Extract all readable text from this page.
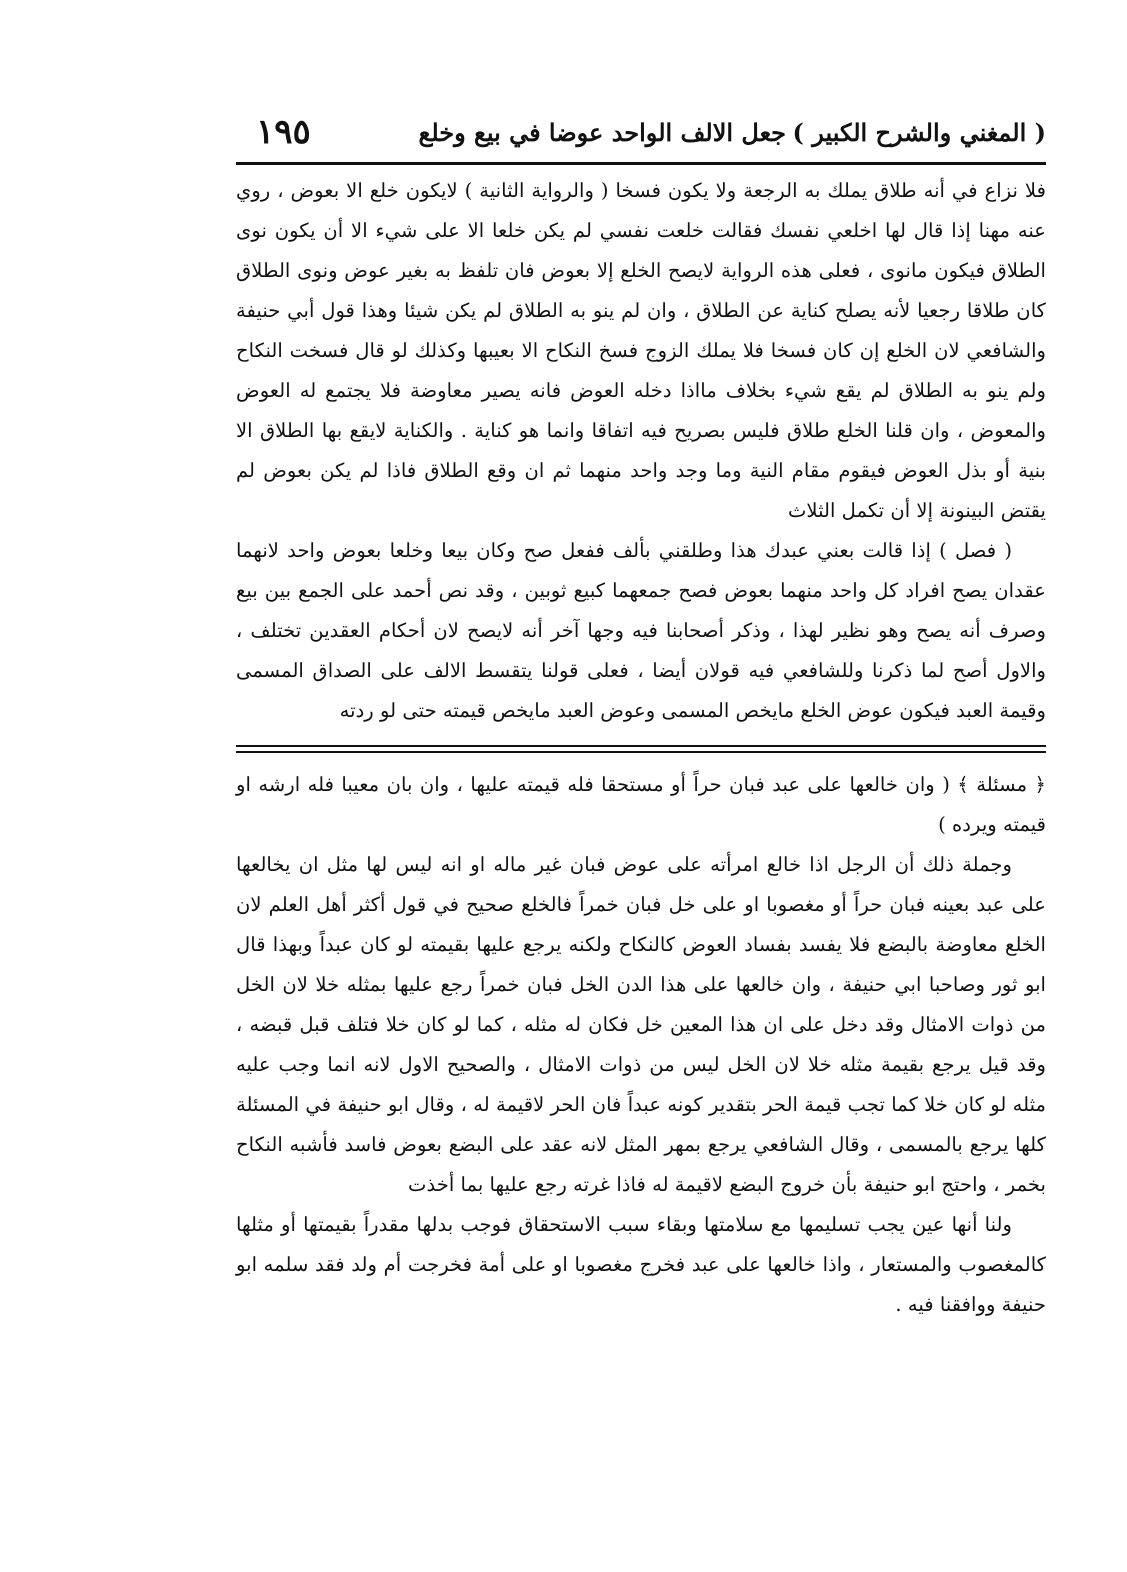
( المغني والشرح الكبير )
جعل الالف الواحد عوضا في بيع وخلع
١٩٥

فلا نزاع في أنه طلاق يملك به الرجعة ولا يكون فسخا ( والرواية الثانية ) لايكون خلع الا بعوض ، روي عنه مهنا إذا قال لها اخلعي نفسك فقالت خلعت نفسي لم يكن خلعا الا على شيء الا أن يكون نوى الطلاق فيكون مانوى ، فعلى هذه الرواية لايصح الخلع إلا بعوض فان تلفظ به بغير عوض ونوى الطلاق كان طلاقا رجعيا لأنه يصلح كناية عن الطلاق ، وان لم ينو به الطلاق لم يكن شيئا وهذا قول أبي حنيفة والشافعي لان الخلع إن كان فسخا فلا يملك الزوج فسخ النكاح الا بعيبها وكذلك لو قال فسخت النكاح ولم ينو به الطلاق لم يقع شيء بخلاف مااذا دخله العوض فانه يصير معاوضة فلا يجتمع له العوض والمعوض ، وان قلنا الخلع طلاق فليس بصريح فيه اتفاقا وانما هو كناية . والكناية لايقع بها الطلاق الا بنية أو بذل العوض فيقوم مقام النية وما وجد واحد منهما ثم ان وقع الطلاق فاذا لم يكن بعوض لم يقتض البينونة إلا أن تكمل الثلاث

( فصل ) إذا قالت بعني عبدك هذا وطلقني بألف ففعل صح وكان بيعا وخلعا بعوض واحد لانهما عقدان يصح افراد كل واحد منهما بعوض فصح جمعهما كبيع ثوبين ، وقد نص أحمد على الجمع بين بيع وصرف أنه يصح وهو نظير لهذا ، وذكر أصحابنا فيه وجها آخر أنه لايصح لان أحكام العقدين تختلف ، والاول أصح لما ذكرنا وللشافعي فيه قولان أيضا ، فعلى قولنا يتقسط الالف على الصداق المسمى وقيمة العبد فيكون عوض الخلع مايخص المسمى وعوض العبد مايخص قيمته حتى لو ردته

﴿ مسئلة ﴾ ( وان خالعها على عبد فبان حراً أو مستحقا فله قيمته عليها ، وان بان معيبا فله ارشه او قيمته ويرده )

وجملة ذلك أن الرجل اذا خالع امرأته على عوض فبان غير ماله او انه ليس لها مثل ان يخالعها على عبد بعينه فبان حراً أو مغصوبا او على خل فبان خمراً فالخلع صحيح في قول أكثر أهل العلم لان الخلع معاوضة بالبضع فلا يفسد بفساد العوض كالنكاح ولكنه يرجع عليها بقيمته لو كان عبداً وبهذا قال ابو ثور وصاحبا ابي حنيفة ، وان خالعها على هذا الدن الخل فبان خمراً رجع عليها بمثله خلا لان الخل من ذوات الامثال وقد دخل على ان هذا المعين خل فكان له مثله ، كما لو كان خلا فتلف قبل قبضه ، وقد قيل يرجع بقيمة مثله خلا لان الخل ليس من ذوات الامثال ، والصحيح الاول لانه انما وجب عليه مثله لو كان خلا كما تجب قيمة الحر بتقدير كونه عبداً فان الحر لاقيمة له ، وقال ابو حنيفة في المسئلة كلها يرجع بالمسمى ، وقال الشافعي يرجع بمهر المثل لانه عقد على البضع بعوض فاسد فأشبه النكاح بخمر ، واحتج ابو حنيفة بأن خروج البضع لاقيمة له فاذا غرته رجع عليها بما أخذت

ولنا أنها عين يجب تسليمها مع سلامتها وبقاء سبب الاستحقاق فوجب بدلها مقدراً بقيمتها أو مثلها كالمغصوب والمستعار ، واذا خالعها على عبد فخرج مغصوبا او على أمة فخرجت أم ولد فقد سلمه ابو حنيفة ووافقنا فيه .
